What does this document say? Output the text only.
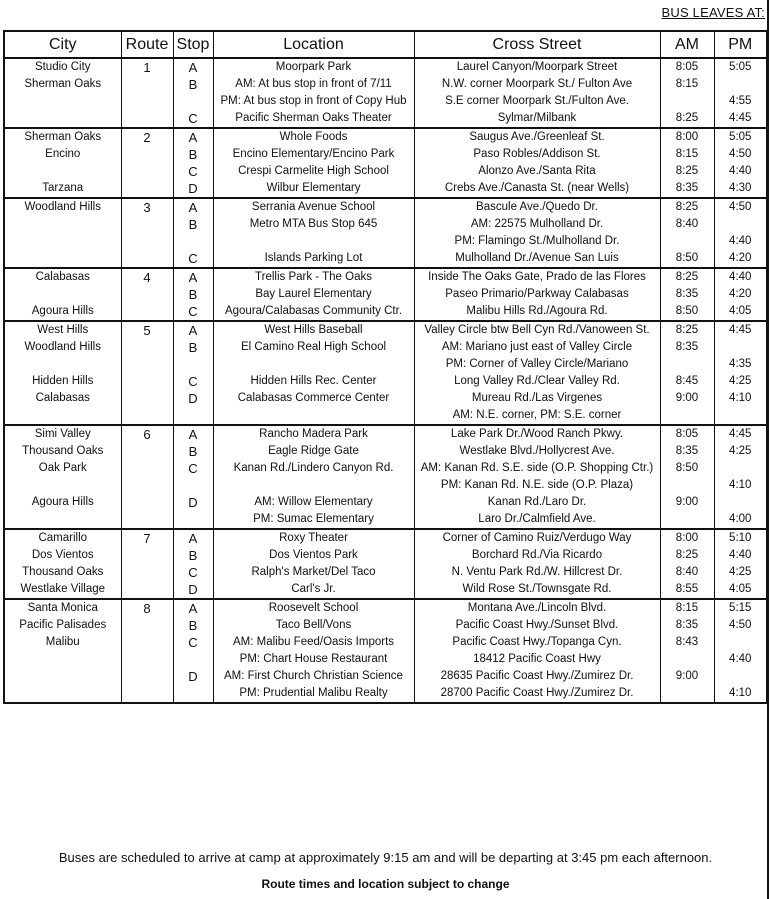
BUS LEAVES AT:
City	Route	Stop	Location	Cross Street	AM	PM
Studio City	1	A	Moorpark Park	Laurel Canyon/Moorpark Street	8:05	5:05
Sherman Oaks		B	AM: At bus stop in front of 7/11	N.W. corner Moorpark St./ Fulton Ave	8:15	
			PM: At bus stop in front of Copy Hub	S.E corner Moorpark St./Fulton Ave.		4:55
		C	Pacific Sherman Oaks Theater	Sylmar/Milbank	8:25	4:45
Sherman Oaks	2	A	Whole Foods	Saugus Ave./Greenleaf St.	8:00	5:05
Encino		B	Encino Elementary/Encino Park	Paso Robles/Addison St.	8:15	4:50
		C	Crespi Carmelite High School	Alonzo Ave./Santa Rita	8:25	4:40
Tarzana		D	Wilbur Elementary	Crebs Ave./Canasta St. (near Wells)	8:35	4:30
Woodland Hills	3	A	Serrania Avenue School	Bascule Ave./Quedo Dr.	8:25	4:50
		B	Metro MTA Bus Stop 645	AM: 22575 Mulholland Dr.	8:40	
				PM: Flamingo St./Mulholland Dr.		4:40
		C	Islands Parking Lot	Mulholland Dr./Avenue San Luis	8:50	4:20
Calabasas	4	A	Trellis Park - The Oaks	Inside The Oaks Gate, Prado de las Flores	8:25	4:40
		B	Bay Laurel Elementary	Paseo Primario/Parkway Calabasas	8:35	4:20
Agoura Hills		C	Agoura/Calabasas Community Ctr.	Malibu Hills Rd./Agoura Rd.	8:50	4:05
West Hills	5	A	West Hills Baseball	Valley Circle btw Bell Cyn Rd./Vanoween St.	8:25	4:45
Woodland Hills		B	El Camino Real High School	AM: Mariano just east of Valley Circle	8:35	
				PM: Corner of Valley Circle/Mariano		4:35
Hidden Hills		C	Hidden Hills Rec. Center	Long Valley Rd./Clear Valley Rd.	8:45	4:25
Calabasas		D	Calabasas Commerce Center	Mureau Rd./Las Virgenes	9:00	4:10
				AM: N.E. corner, PM: S.E. corner		
Simi Valley	6	A	Rancho Madera Park	Lake Park Dr./Wood Ranch Pkwy.	8:05	4:45
Thousand Oaks		B	Eagle Ridge Gate	Westlake Blvd./Hollycrest Ave.	8:35	4:25
Oak Park		C	Kanan Rd./Lindero Canyon Rd.	AM: Kanan Rd. S.E. side (O.P. Shopping Ctr.)	8:50	
				PM: Kanan Rd. N.E. side (O.P. Plaza)		4:10
Agoura Hills		D	AM: Willow Elementary	Kanan Rd./Laro Dr.	9:00	
			PM: Sumac Elementary	Laro Dr./Calmfield Ave.		4:00
Camarillo	7	A	Roxy Theater	Corner of Camino Ruiz/Verdugo Way	8:00	5:10
Dos Vientos		B	Dos Vientos Park	Borchard Rd./Via Ricardo	8:25	4:40
Thousand Oaks		C	Ralph's Market/Del Taco	N. Ventu Park Rd./W. Hillcrest Dr.	8:40	4:25
Westlake Village		D	Carl's Jr.	Wild Rose St./Townsgate Rd.	8:55	4:05
Santa Monica	8	A	Roosevelt School	Montana Ave./Lincoln Blvd.	8:15	5:15
Pacific Palisades		B	Taco Bell/Vons	Pacific Coast Hwy./Sunset Blvd.	8:35	4:50
Malibu		C	AM: Malibu Feed/Oasis Imports	Pacific Coast Hwy./Topanga Cyn.	8:43	
			PM: Chart House Restaurant	18412 Pacific Coast Hwy		4:40
		D	AM: First Church Christian Science	28635 Pacific Coast Hwy./Zumirez Dr.	9:00	
			PM: Prudential Malibu Realty	28700 Pacific Coast Hwy./Zumirez Dr.		4:10
Buses are scheduled to arrive at camp at approximately 9:15 am and will be departing at 3:45 pm each afternoon.
Route times and location subject to change
